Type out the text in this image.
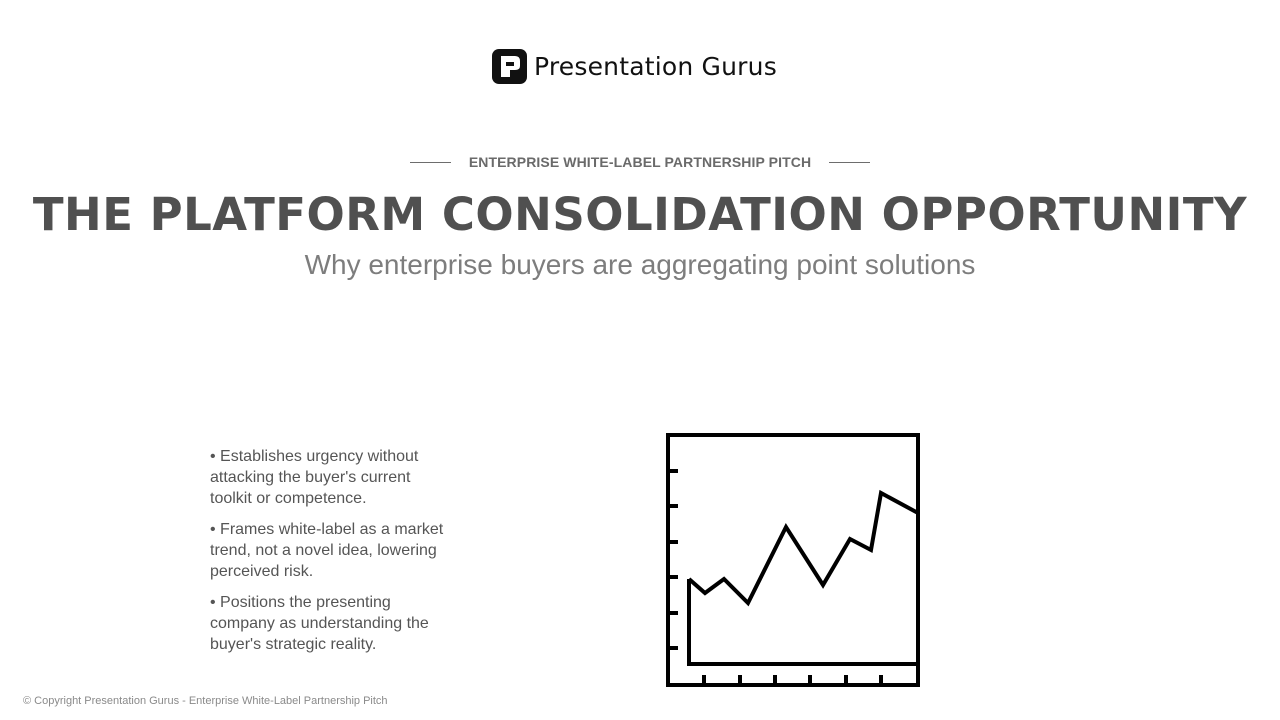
Presentation Gurus
ENTERPRISE WHITE-LABEL PARTNERSHIP PITCH
THE PLATFORM CONSOLIDATION OPPORTUNITY
Why enterprise buyers are aggregating point solutions
• Establishes urgency without attacking the buyer's current toolkit or competence.
• Frames white-label as a market trend, not a novel idea, lowering perceived risk.
• Positions the presenting company as understanding the buyer's strategic reality.
© Copyright Presentation Gurus - Enterprise White-Label Partnership Pitch
